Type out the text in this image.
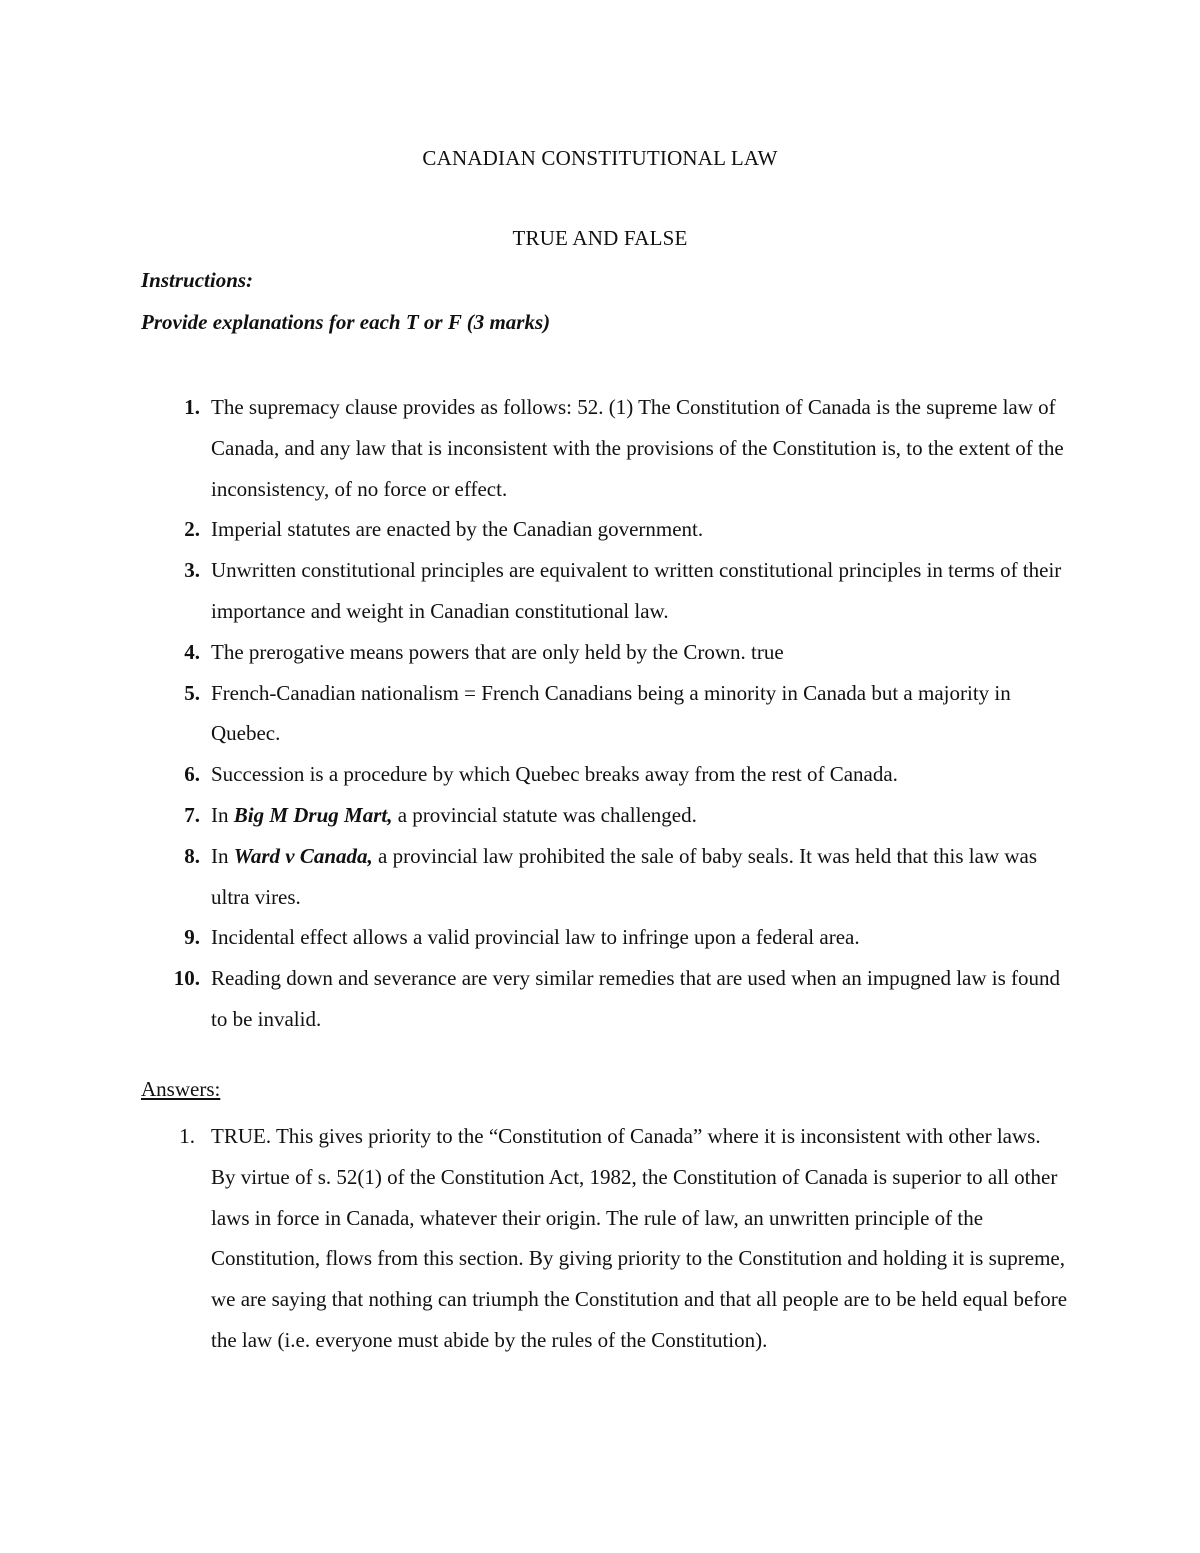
CANADIAN CONSTITUTIONAL LAW
TRUE AND FALSE
Instructions:
Provide explanations for each T or F (3 marks)
1. The supremacy clause provides as follows: 52. (1) The Constitution of Canada is the supreme law of Canada, and any law that is inconsistent with the provisions of the Constitution is, to the extent of the inconsistency, of no force or effect.
2. Imperial statutes are enacted by the Canadian government.
3. Unwritten constitutional principles are equivalent to written constitutional principles in terms of their importance and weight in Canadian constitutional law.
4. The prerogative means powers that are only held by the Crown. true
5. French-Canadian nationalism = French Canadians being a minority in Canada but a majority in Quebec.
6. Succession is a procedure by which Quebec breaks away from the rest of Canada.
7. In Big M Drug Mart, a provincial statute was challenged.
8. In Ward v Canada, a provincial law prohibited the sale of baby seals. It was held that this law was ultra vires.
9. Incidental effect allows a valid provincial law to infringe upon a federal area.
10. Reading down and severance are very similar remedies that are used when an impugned law is found to be invalid.
Answers:
1. TRUE. This gives priority to the “Constitution of Canada” where it is inconsistent with other laws. By virtue of s. 52(1) of the Constitution Act, 1982, the Constitution of Canada is superior to all other laws in force in Canada, whatever their origin. The rule of law, an unwritten principle of the Constitution, flows from this section. By giving priority to the Constitution and holding it is supreme, we are saying that nothing can triumph the Constitution and that all people are to be held equal before the law (i.e. everyone must abide by the rules of the Constitution).
